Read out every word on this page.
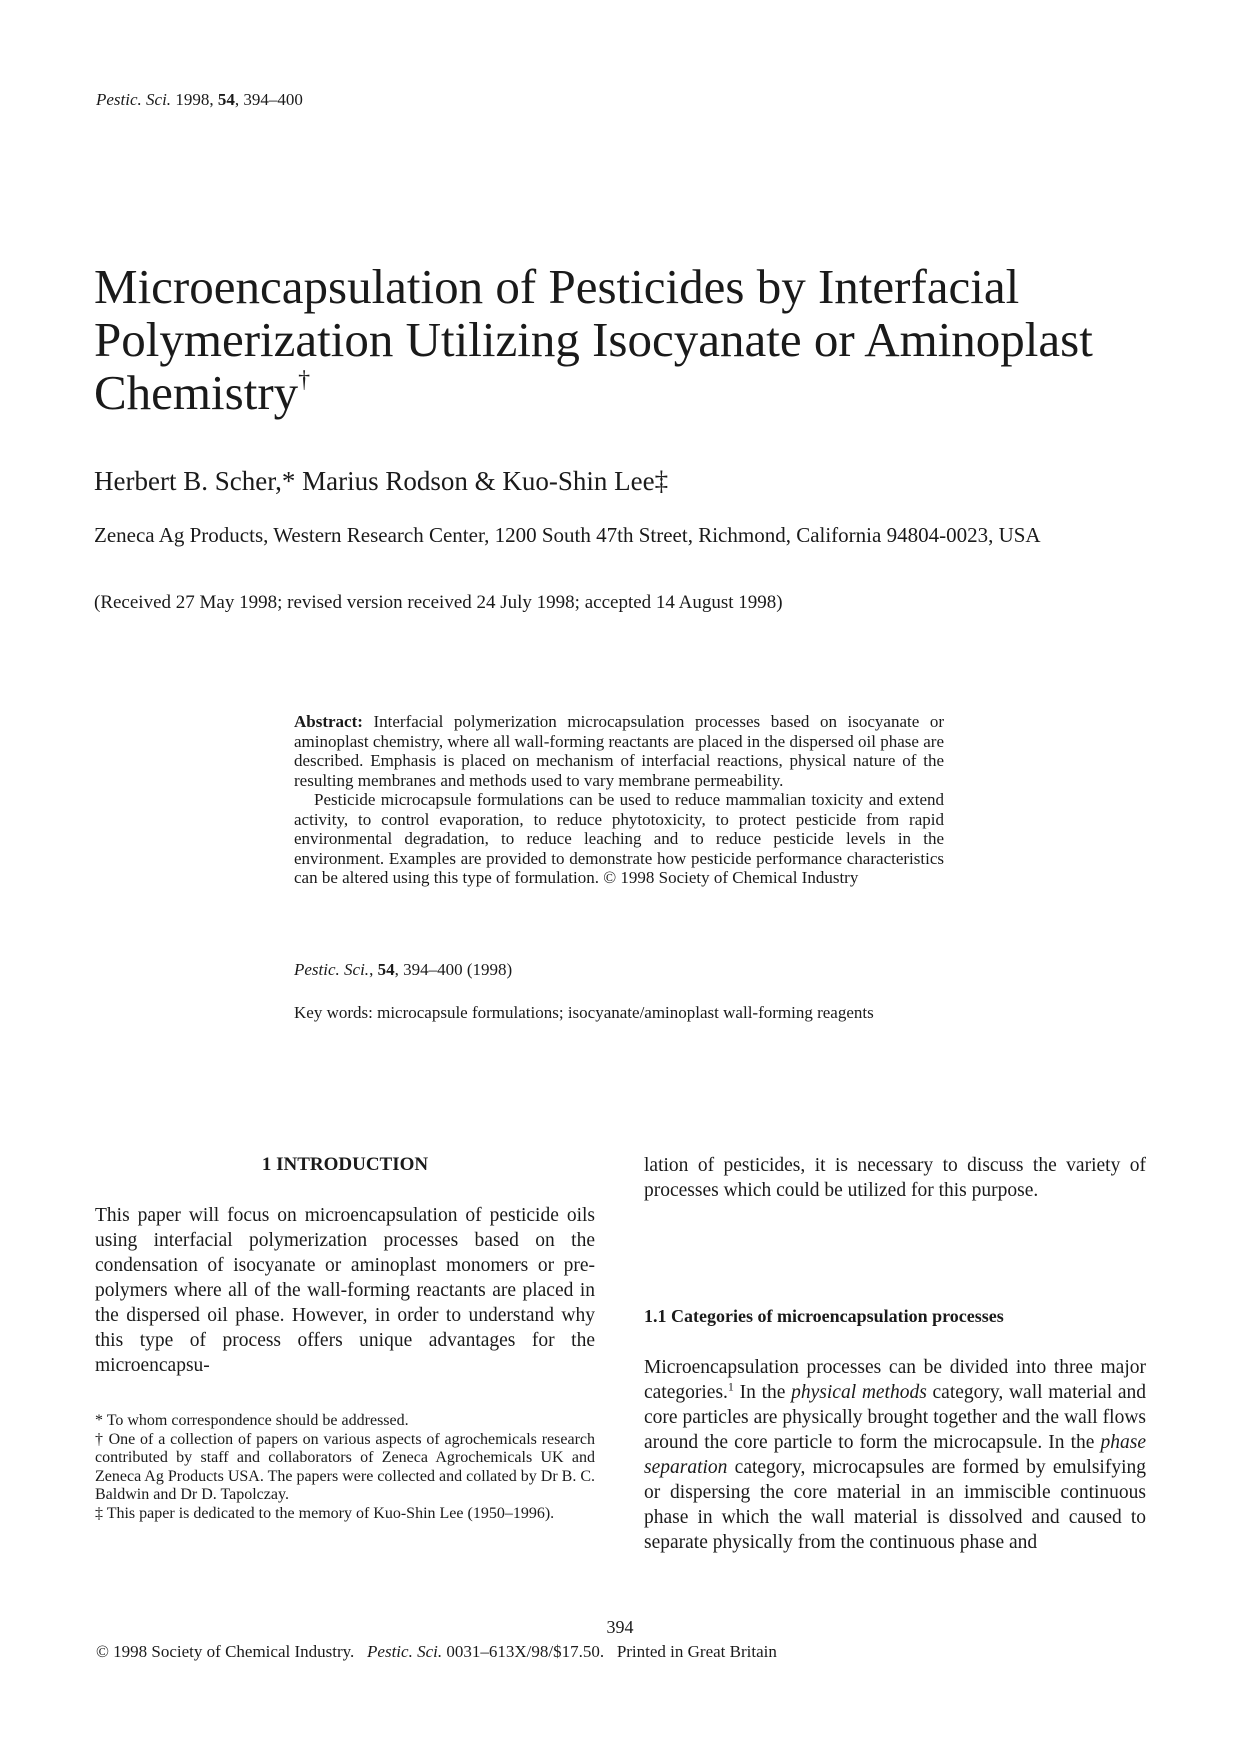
Pestic. Sci. 1998, 54, 394–400
Microencapsulation of Pesticides by Interfacial Polymerization Utilizing Isocyanate or Aminoplast Chemistry†
Herbert B. Scher,* Marius Rodson & Kuo-Shin Lee‡
Zeneca Ag Products, Western Research Center, 1200 South 47th Street, Richmond, California 94804-0023, USA
(Received 27 May 1998; revised version received 24 July 1998; accepted 14 August 1998)

Abstract: Interfacial polymerization microcapsulation processes based on isocyanate or aminoplast chemistry, where all wall-forming reactants are placed in the dispersed oil phase are described. Emphasis is placed on mechanism of interfacial reactions, physical nature of the resulting membranes and methods used to vary membrane permeability.

Pesticide microcapsule formulations can be used to reduce mammalian toxicity and extend activity, to control evaporation, to reduce phytotoxicity, to protect pesticide from rapid environmental degradation, to reduce leaching and to reduce pesticide levels in the environment. Examples are provided to demonstrate how pesticide performance characteristics can be altered using this type of formulation. © 1998 Society of Chemical Industry

Pestic. Sci., 54, 394–400 (1998)
Key words: microcapsule formulations; isocyanate/aminoplast wall-forming reagents
1 INTRODUCTION

This paper will focus on microencapsulation of pesticide oils using interfacial polymerization processes based on the condensation of isocyanate or aminoplast monomers or pre-polymers where all of the wall-forming reactants are placed in the dispersed oil phase. However, in order to understand why this type of process offers unique advantages for the microencapsu-

lation of pesticides, it is necessary to discuss the variety of processes which could be utilized for this purpose.

1.1 Categories of microencapsulation processes

Microencapsulation processes can be divided into three major categories.$^1$ In the physical methods category, wall material and core particles are physically brought together and the wall flows around the core particle to form the microcapsule. In the phase separation category, microcapsules are formed by emulsifying or dispersing the core material in an immiscible continuous phase in which the wall material is dissolved and caused to separate physically from the continuous phase and

* To whom correspondence should be addressed.

† One of a collection of papers on various aspects of agrochemicals research contributed by staff and collaborators of Zeneca Agrochemicals UK and Zeneca Ag Products USA. The papers were collected and collated by Dr B. C. Baldwin and Dr D. Tapolczay.

‡ This paper is dedicated to the memory of Kuo-Shin Lee (1950–1996).

394
© 1998 Society of Chemical Industry.   Pestic. Sci. 0031–613X/98/$17.50.   Printed in Great Britain
